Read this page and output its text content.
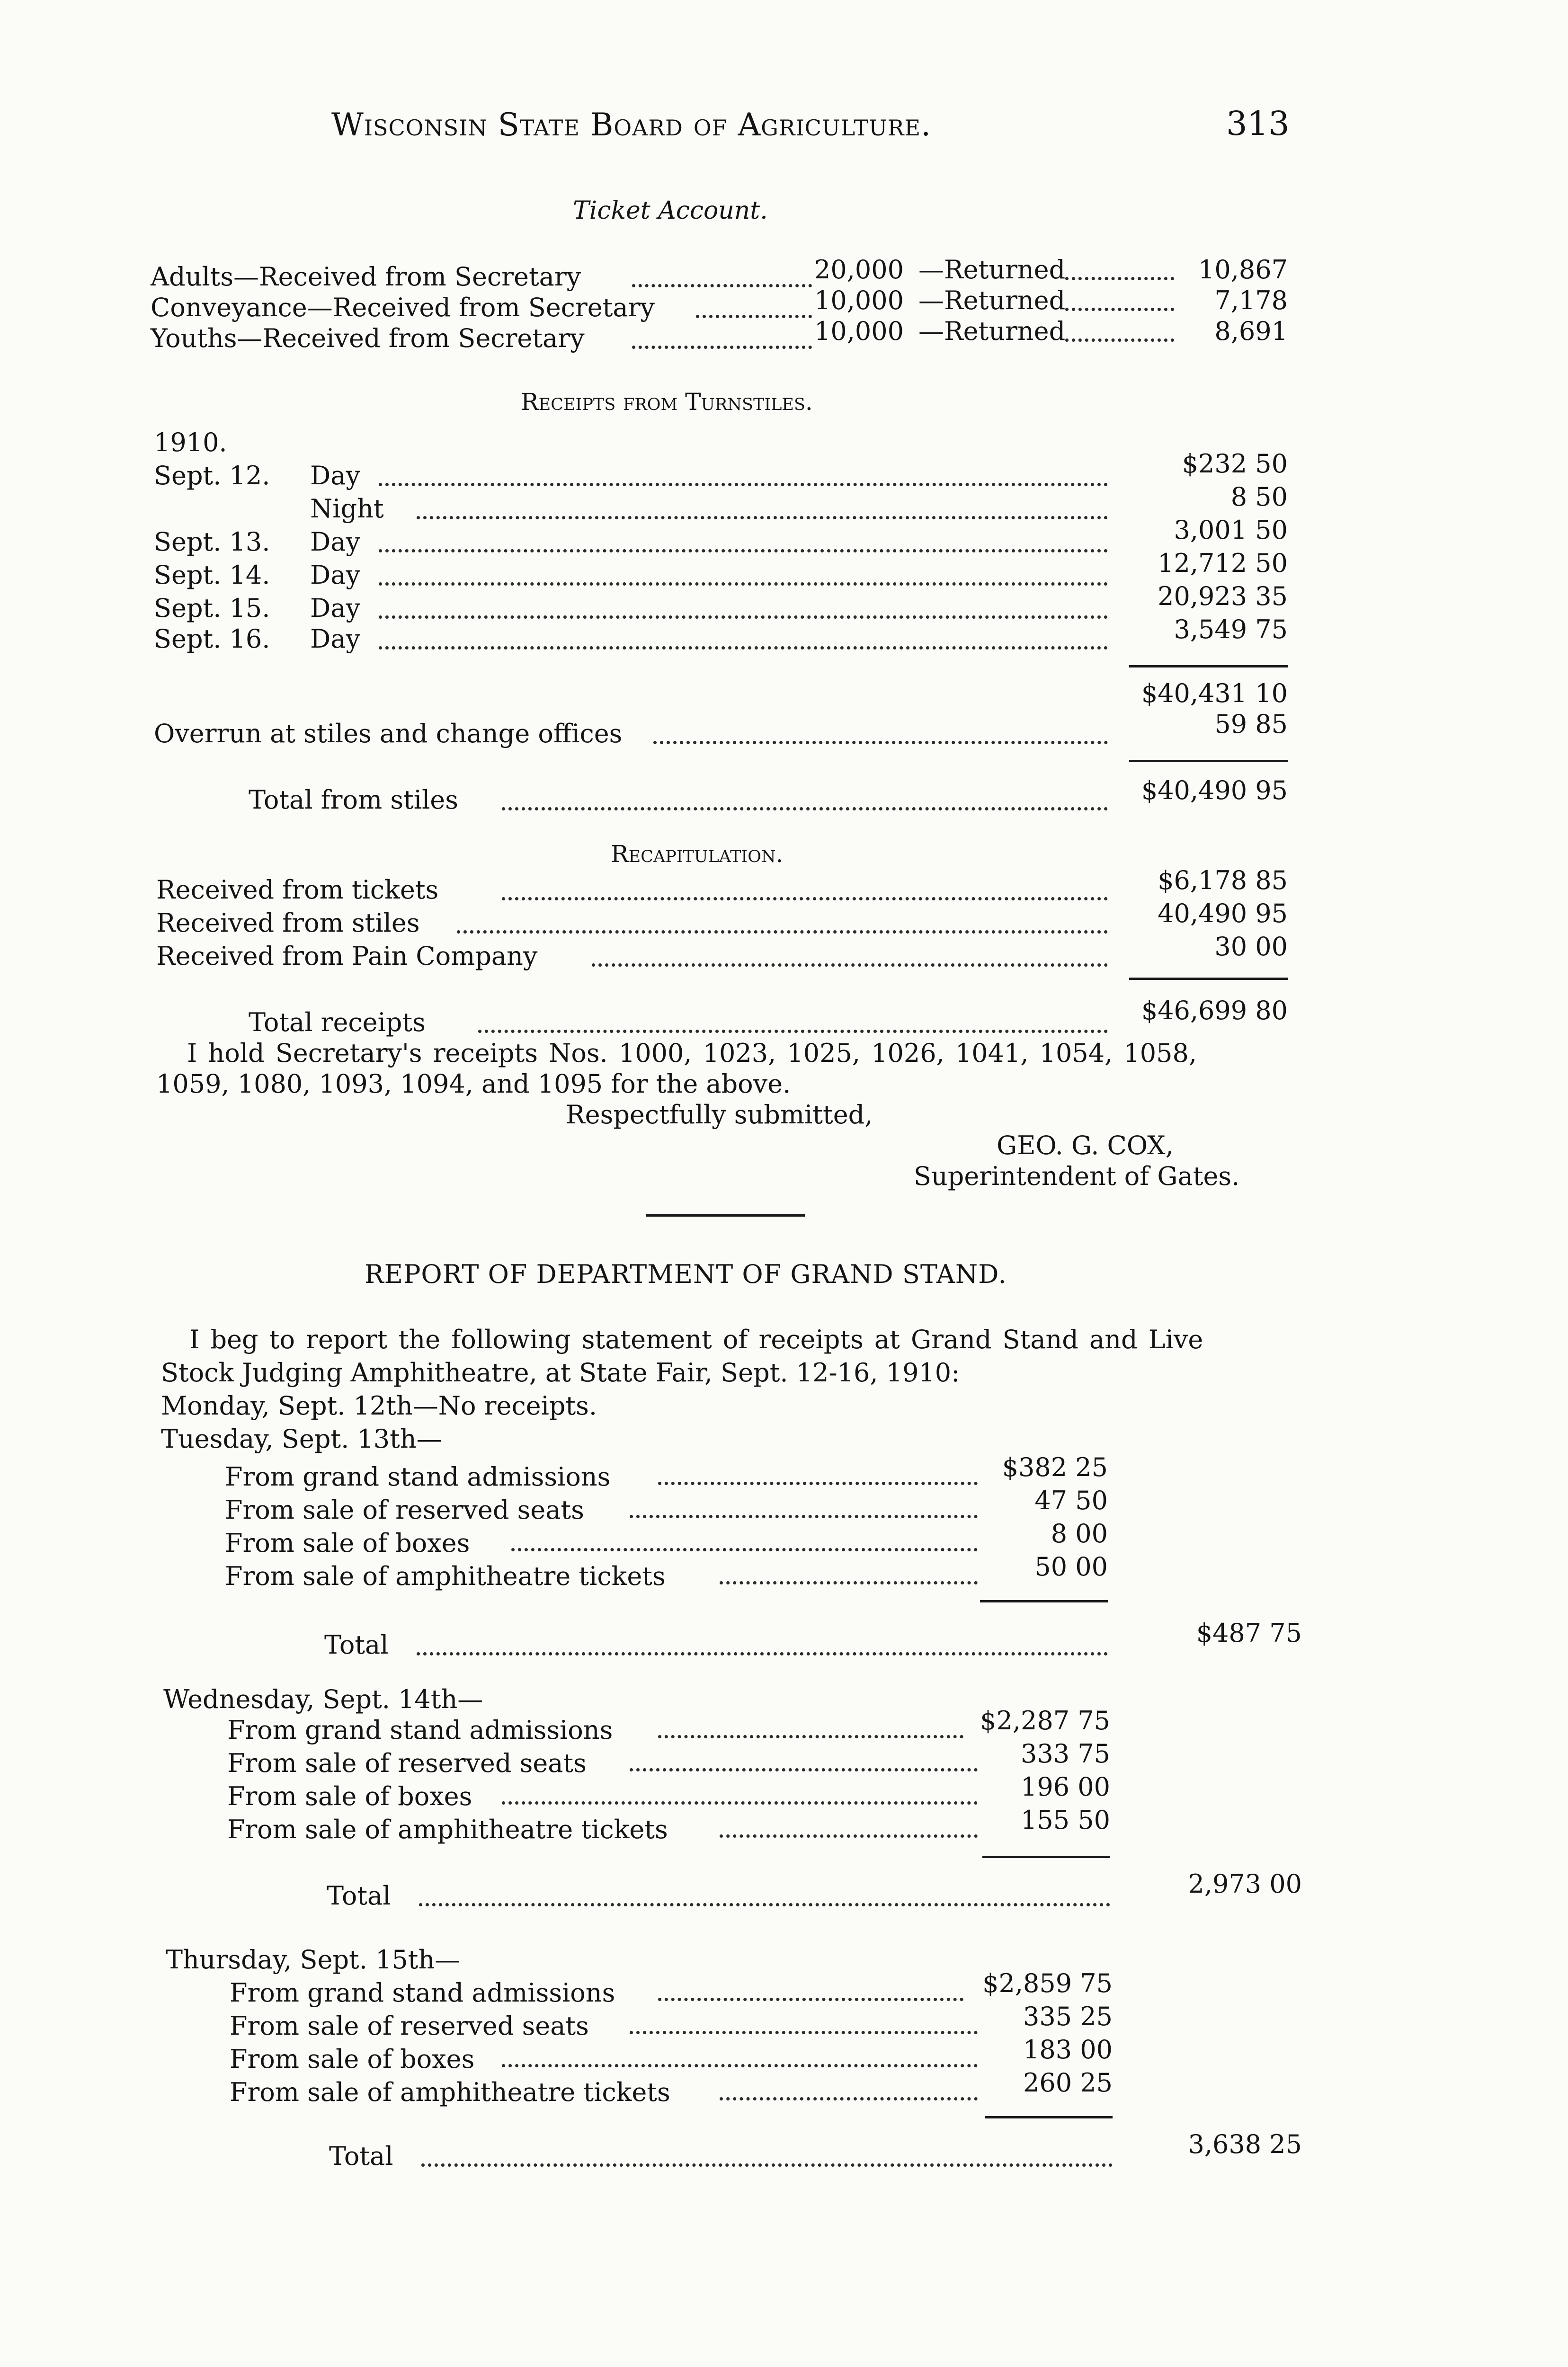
Wisconsin State Board of Agriculture.	313
Ticket Account.
Adults—Received from Secretary	20,000 —Returned	10,867
Conveyance—Received from Secretary	10,000 —Returned	7,178
Youths—Received from Secretary	10,000 —Returned	8,691
Receipts from Turnstiles.
1910.
Sept. 12. Day	$232 50
Night	8 50
Sept. 13. Day	3,001 50
Sept. 14. Day	12,712 50
Sept. 15. Day	20,923 35
Sept. 16. Day	3,549 75
$40,431 10
Overrun at stiles and change offices	59 85
Total from stiles	$40,490 95
Recapitulation.
Received from tickets	$6,178 85
Received from stiles	40,490 95
Received from Pain Company	30 00
Total receipts	$46,699 80
I hold Secretary's receipts Nos. 1000, 1023, 1025, 1026, 1041, 1054, 1058,
1059, 1080, 1093, 1094, and 1095 for the above.
Respectfully submitted,
GEO. G. COX,
Superintendent of Gates.
REPORT OF DEPARTMENT OF GRAND STAND.
I beg to report the following statement of receipts at Grand Stand and Live
Stock Judging Amphitheatre, at State Fair, Sept. 12-16, 1910:
Monday, Sept. 12th—No receipts.
Tuesday, Sept. 13th—
From grand stand admissions	$382 25
From sale of reserved seats	47 50
From sale of boxes	8 00
From sale of amphitheatre tickets	50 00
Total	$487 75
Wednesday, Sept. 14th—
From grand stand admissions	$2,287 75
From sale of reserved seats	333 75
From sale of boxes	196 00
From sale of amphitheatre tickets	155 50
Total	2,973 00
Thursday, Sept. 15th—
From grand stand admissions	$2,859 75
From sale of reserved seats	335 25
From sale of boxes	183 00
From sale of amphitheatre tickets	260 25
Total	3,638 25
